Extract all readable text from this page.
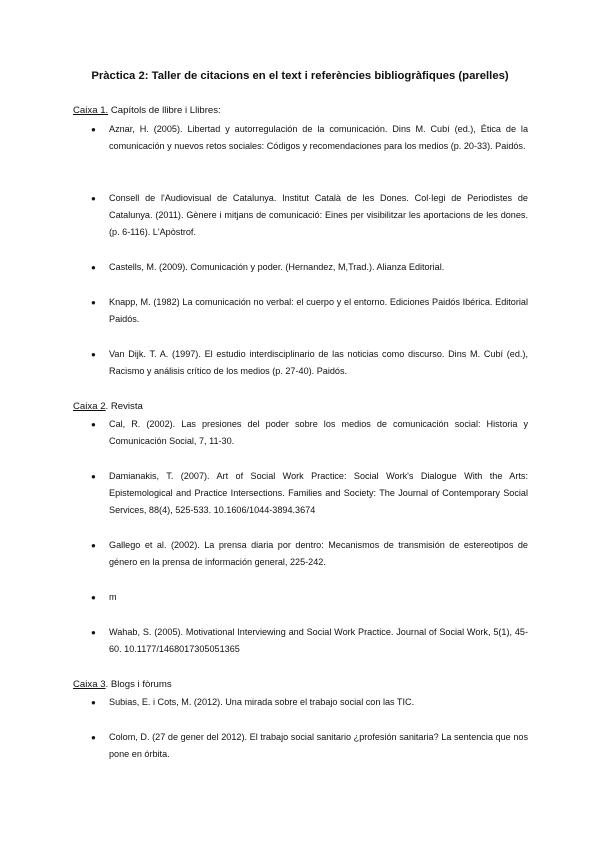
Pràctica 2: Taller de citacions en el text i referències bibliogràfiques (parelles)
Caixa 1. Capítols de llibre i Llibres:
● Aznar, H. (2005). Libertad y autorregulación de la comunicación. Dins M. Cubí (ed.), Ética de la comunicación y nuevos retos sociales: Códigos y recomendaciones para los medios (p. 20-33). Paidós.
● Consell de l'Audiovisual de Catalunya. Institut Català de les Dones. Col·legi de Periodistes de Catalunya. (2011). Gènere i mitjans de comunicació: Eines per visibilitzar les aportacions de les dones. (p. 6-116). L'Apòstrof.
● Castells, M. (2009). Comunicación y poder. (Hernandez, M,Trad.). Alianza Editorial.
● Knapp, M. (1982) La comunicación no verbal: el cuerpo y el entorno. Ediciones Paidós Ibérica. Editorial Paidós.
● Van Dijk. T. A. (1997). El estudio interdisciplinario de las noticias como discurso. Dins M. Cubí (ed.), Racismo y análisis crítico de los medios (p. 27-40). Paidós.
Caixa 2. Revista
● Cal, R. (2002). Las presiones del poder sobre los medios de comunicación social: Historia y Comunicación Social, 7, 11-30.
● Damianakis, T. (2007). Art of Social Work Practice: Social Work's Dialogue With the Arts: Epistemological and Practice Intersections. Families and Society: The Journal of Contemporary Social Services, 88(4), 525-533. 10.1606/1044-3894.3674
● Gallego et al. (2002). La prensa diaria por dentro: Mecanismos de transmisión de estereotipos de género en la prensa de información general, 225-242.
● m
● Wahab, S. (2005). Motivational Interviewing and Social Work Practice. Journal of Social Work, 5(1), 45-60. 10.1177/1468017305051365
Caixa 3. Blogs i fòrums
● Subias, E. i Cots, M. (2012). Una mirada sobre el trabajo social con las TIC.
● Colom, D. (27 de gener del 2012). El trabajo social sanitario ¿profesión sanitaria? La sentencia que nos pone en órbita.
